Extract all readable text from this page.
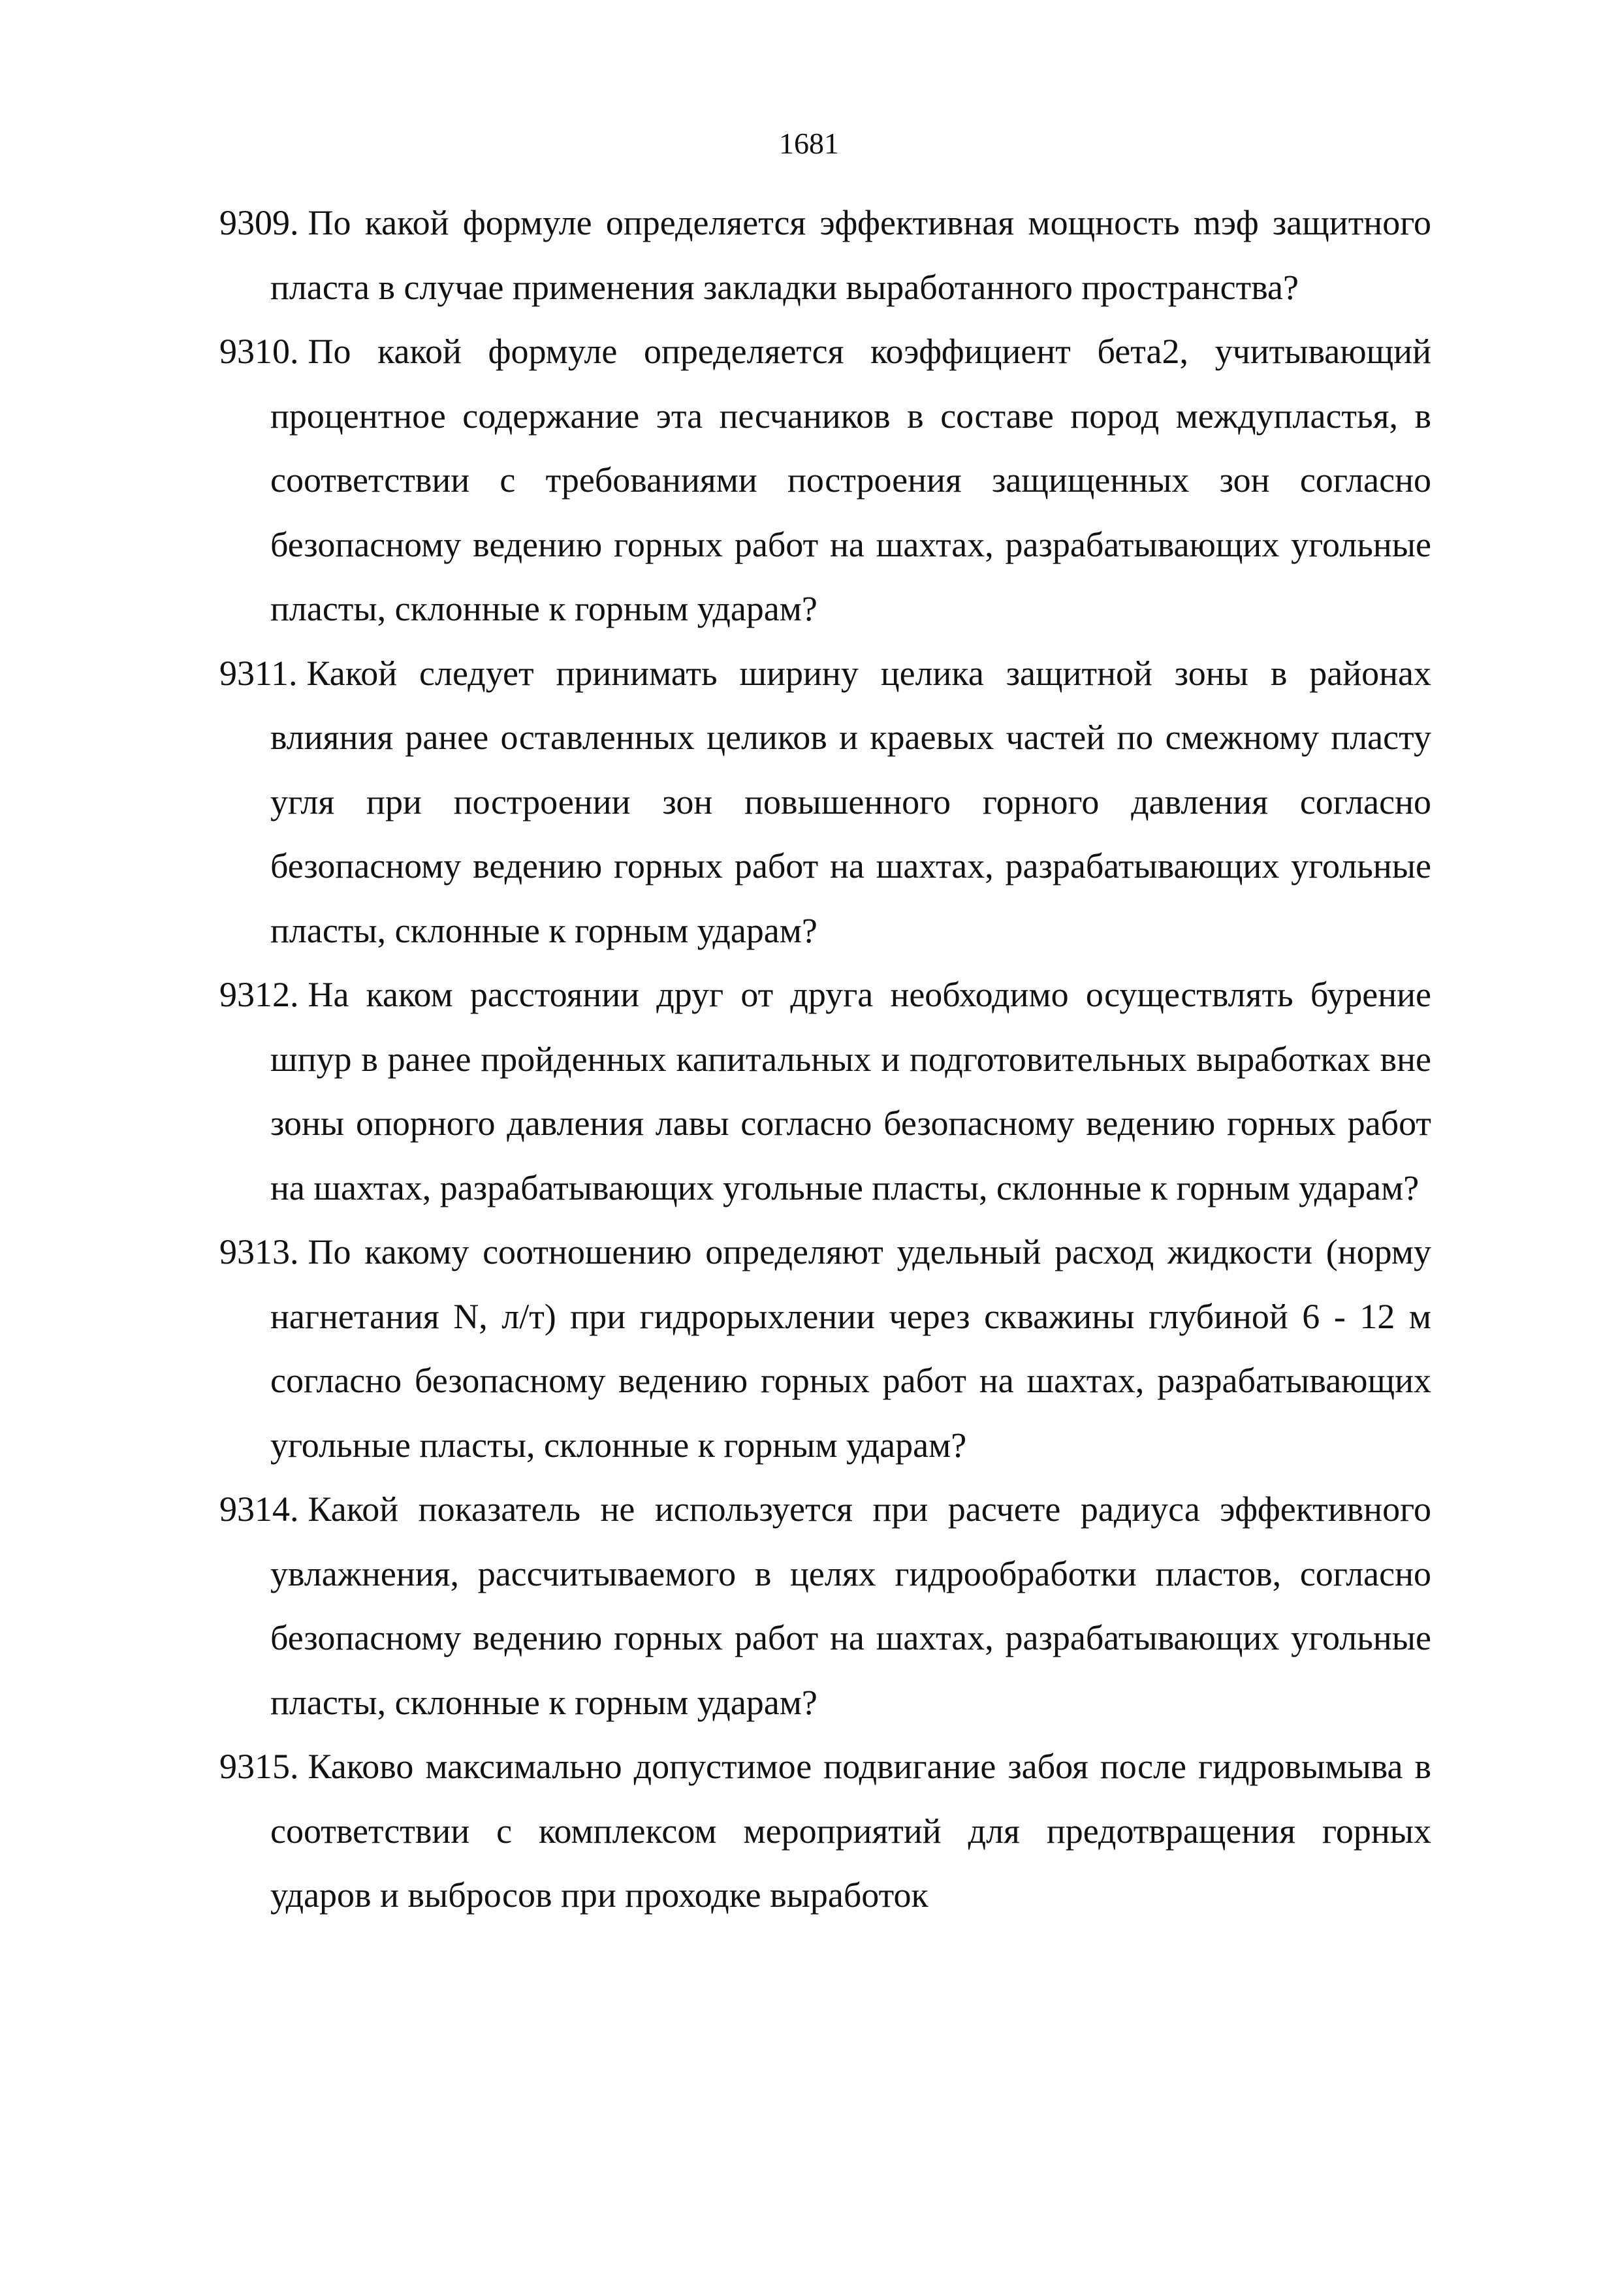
1681

9309. По какой формуле определяется эффективная мощность mэф защитного пласта в случае применения закладки выработанного пространства?

9310. По какой формуле определяется коэффициент бета2, учитывающий процентное содержание эта песчаников в составе пород междупластья, в соответствии с требованиями построения защищенных зон согласно безопасному ведению горных работ на шахтах, разрабатывающих угольные пласты, склонные к горным ударам?

9311. Какой следует принимать ширину целика защитной зоны в районах влияния ранее оставленных целиков и краевых частей по смежному пласту угля при построении зон повышенного горного давления согласно безопасному ведению горных работ на шахтах, разрабатывающих угольные пласты, склонные к горным ударам?

9312. На каком расстоянии друг от друга необходимо осуществлять бурение шпур в ранее пройденных капитальных и подготовительных выработках вне зоны опорного давления лавы согласно безопасному ведению горных работ на шахтах, разрабатывающих угольные пласты, склонные к горным ударам?

9313. По какому соотношению определяют удельный расход жидкости (норму нагнетания N, л/т) при гидрорыхлении через скважины глубиной 6 - 12 м согласно безопасному ведению горных работ на шахтах, разрабатывающих угольные пласты, склонные к горным ударам?

9314. Какой показатель не используется при расчете радиуса эффективного увлажнения, рассчитываемого в целях гидрообработки пластов, согласно безопасному ведению горных работ на шахтах, разрабатывающих угольные пласты, склонные к горным ударам?

9315. Каково максимально допустимое подвигание забоя после гидровымыва в соответствии с комплексом мероприятий для предотвращения горных ударов и выбросов при проходке выработок
